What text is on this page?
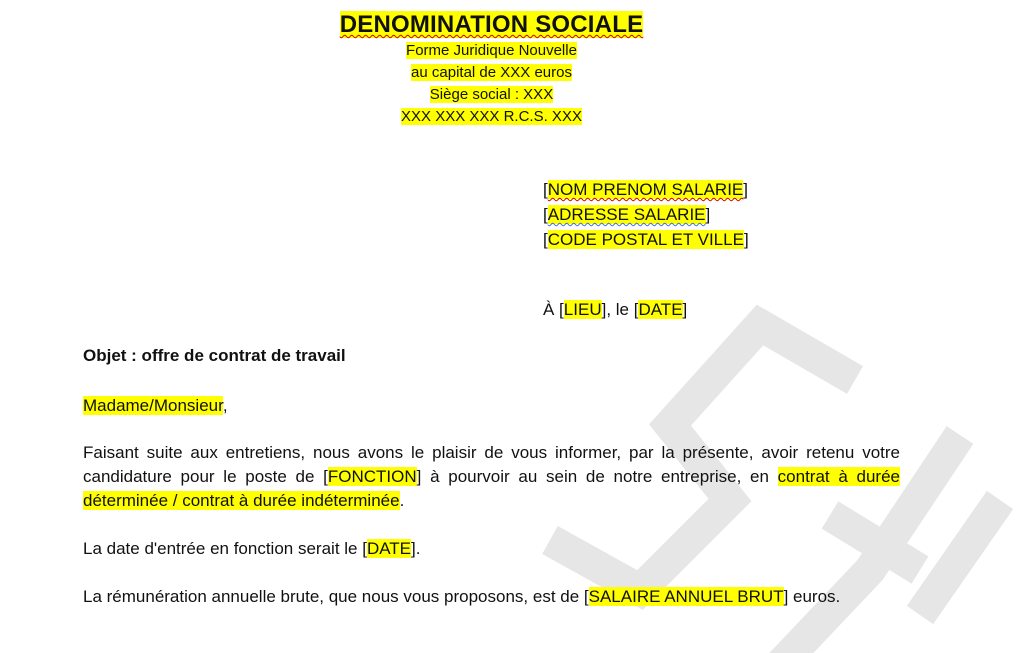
DENOMINATION SOCIALE
Forme Juridique Nouvelle
au capital de XXX euros
Siège social : XXX
XXX XXX XXX R.C.S. XXX
[NOM PRENOM SALARIE]
[ADRESSE SALARIE]
[CODE POSTAL ET VILLE]
À [LIEU], le [DATE]
Objet : offre de contrat de travail
Madame/Monsieur,
Faisant suite aux entretiens, nous avons le plaisir de vous informer, par la présente, avoir retenu votre candidature pour le poste de [FONCTION] à pourvoir au sein de notre entreprise, en contrat à durée déterminée / contrat à durée indéterminée.
La date d'entrée en fonction serait le [DATE].
La rémunération annuelle brute, que nous vous proposons, est de [SALAIRE ANNUEL BRUT] euros.
